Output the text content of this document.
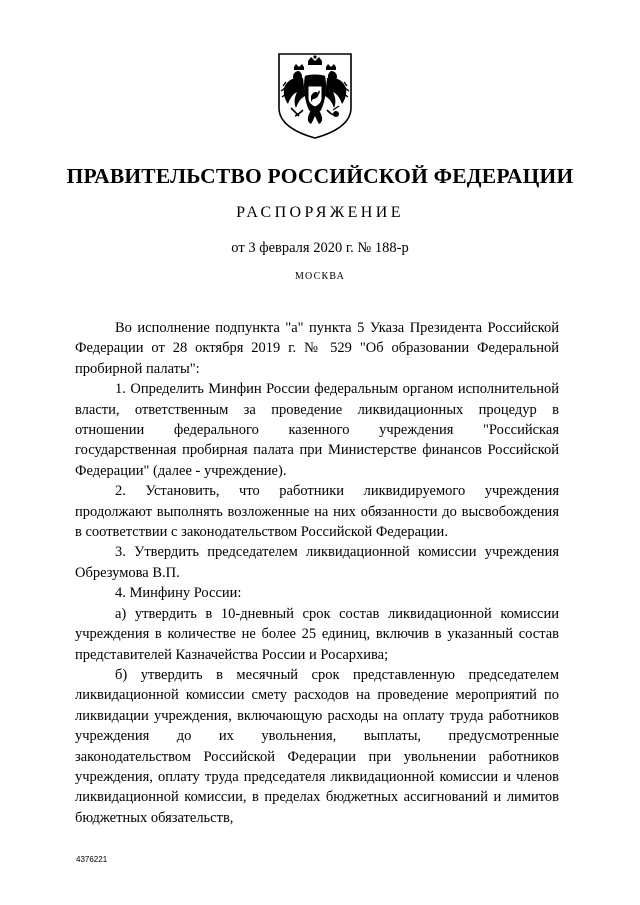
ПРАВИТЕЛЬСТВО РОССИЙСКОЙ ФЕДЕРАЦИИ
РАСПОРЯЖЕНИЕ
от 3 февраля 2020 г. № 188-р
МОСКВА

Во исполнение подпункта "а" пункта 5 Указа Президента Российской Федерации от 28 октября 2019 г. № 529 "Об образовании Федеральной пробирной палаты":

1. Определить Минфин России федеральным органом исполнительной власти, ответственным за проведение ликвидационных процедур в отношении федерального казенного учреждения "Российская государственная пробирная палата при Министерстве финансов Российской Федерации" (далее - учреждение).

2. Установить, что работники ликвидируемого учреждения продолжают выполнять возложенные на них обязанности до высвобождения в соответствии с законодательством Российской Федерации.

3. Утвердить председателем ликвидационной комиссии учреждения Обрезумова В.П.

4. Минфину России:

а) утвердить в 10-дневный срок состав ликвидационной комиссии учреждения в количестве не более 25 единиц, включив в указанный состав представителей Казначейства России и Росархива;

б) утвердить в месячный срок представленную председателем ликвидационной комиссии смету расходов на проведение мероприятий по ликвидации учреждения, включающую расходы на оплату труда работников учреждения до их увольнения, выплаты, предусмотренные законодательством Российской Федерации при увольнении работников учреждения, оплату труда председателя ликвидационной комиссии и членов ликвидационной комиссии, в пределах бюджетных ассигнований и лимитов бюджетных обязательств,

4376221
